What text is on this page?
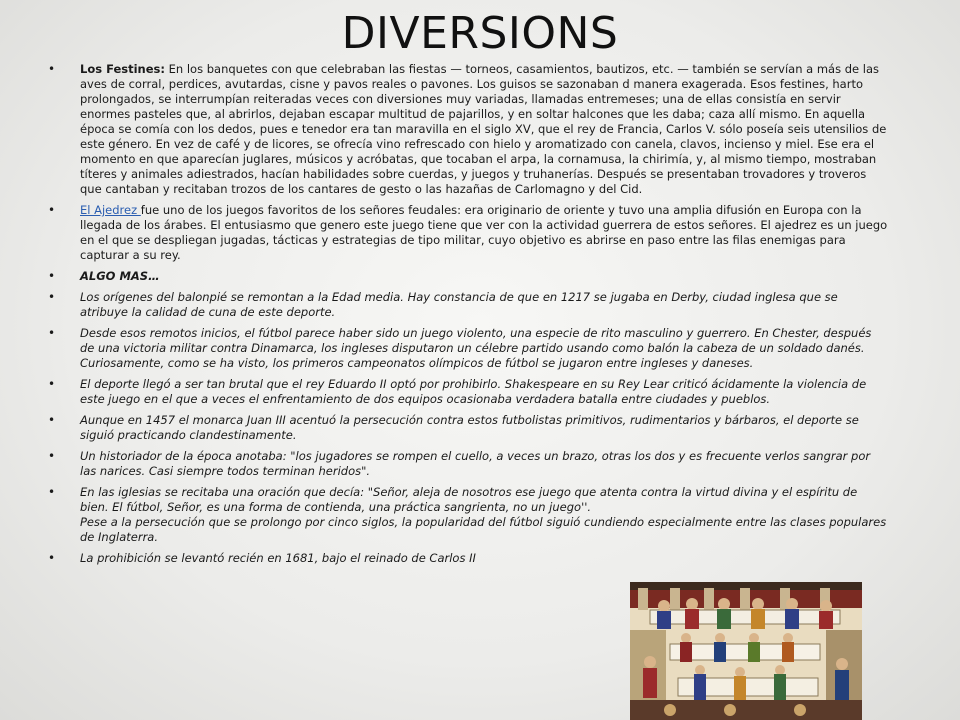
DIVERSIONS
• Los Festines: En los banquetes con que celebraban las fiestas — torneos, casamientos, bautizos, etc. — también se servían a más de las aves de corral, perdices, avutardas, cisne y pavos reales o pavones. Los guisos se sazonaban d manera exagerada. Esos festines, harto prolongados, se interrumpían reiteradas veces con diversiones muy variadas, llamadas entremeses; una de ellas consistía en servir enormes pasteles que, al abrirlos, dejaban escapar multitud de pajarillos, y en soltar halcones que les daba; caza allí mismo. En aquella época se comía con los dedos, pues e tenedor era tan maravilla en el siglo XV, que el rey de Francia, Carlos V. sólo poseía seis utensilios de este género. En vez de café y de licores, se ofrecía vino refrescado con hielo y aromatizado con canela, clavos, incienso y miel. Ese era el momento en que aparecían juglares, músicos y acróbatas, que tocaban el arpa, la cornamusa, la chirimía, y, al mismo tiempo, mostraban títeres y animales adiestrados, hacían habilidades sobre cuerdas, y juegos y truhanerías. Después se presentaban trovadores y troveros que cantaban y recitaban trozos de los cantares de gesto o las hazañas de Carlomagno y del Cid.
• El Ajedrez fue uno de los juegos favoritos de los señores feudales: era originario de oriente y tuvo una amplia difusión en Europa con la llegada de los árabes. El entusiasmo que genero este juego tiene que ver con la actividad guerrera de estos señores. El ajedrez es un juego en el que se despliegan jugadas, tácticas y estrategias de tipo militar, cuyo objetivo es abrirse en paso entre las filas enemigas para capturar a su rey.
• ALGO MAS…
• Los orígenes del balonpié se remontan a la Edad media. Hay constancia de que en 1217 se jugaba en Derby, ciudad inglesa que se atribuye la calidad de cuna de este deporte.
• Desde esos remotos inicios, el fútbol parece haber sido un juego violento, una especie de rito masculino y guerrero. En Chester, después de una victoria militar contra Dinamarca, los ingleses disputaron un célebre partido usando como balón la cabeza de un soldado danés. Curiosamente, como se ha visto, los primeros campeonatos olímpicos de fútbol se jugaron entre ingleses y daneses.
• El deporte llegó a ser tan brutal que el rey Eduardo II optó por prohibirlo. Shakespeare en su Rey Lear criticó ácidamente la violencia de este juego en el que a veces el enfrentamiento de dos equipos ocasionaba verdadera batalla entre ciudades y pueblos.
• Aunque en 1457 el monarca Juan III acentuó la persecución contra estos futbolistas primitivos, rudimentarios y bárbaros, el deporte se siguió practicando clandestinamente.
• Un historiador de la época anotaba: "los jugadores se rompen el cuello, a veces un brazo, otras los dos y es frecuente verlos sangrar por las narices. Casi siempre todos terminan heridos".
• En las iglesias se recitaba una oración que decía: "Señor, aleja de nosotros ese juego que atenta contra la virtud divina y el espíritu de bien. El fútbol, Señor, es una forma de contienda, una práctica sangrienta, no un juego''.
Pese a la persecución que se prolongo por cinco siglos, la popularidad del fútbol siguió cundiendo especialmente entre las clases populares de Inglaterra.
• La prohibición se levantó recién en 1681, bajo el reinado de Carlos II
